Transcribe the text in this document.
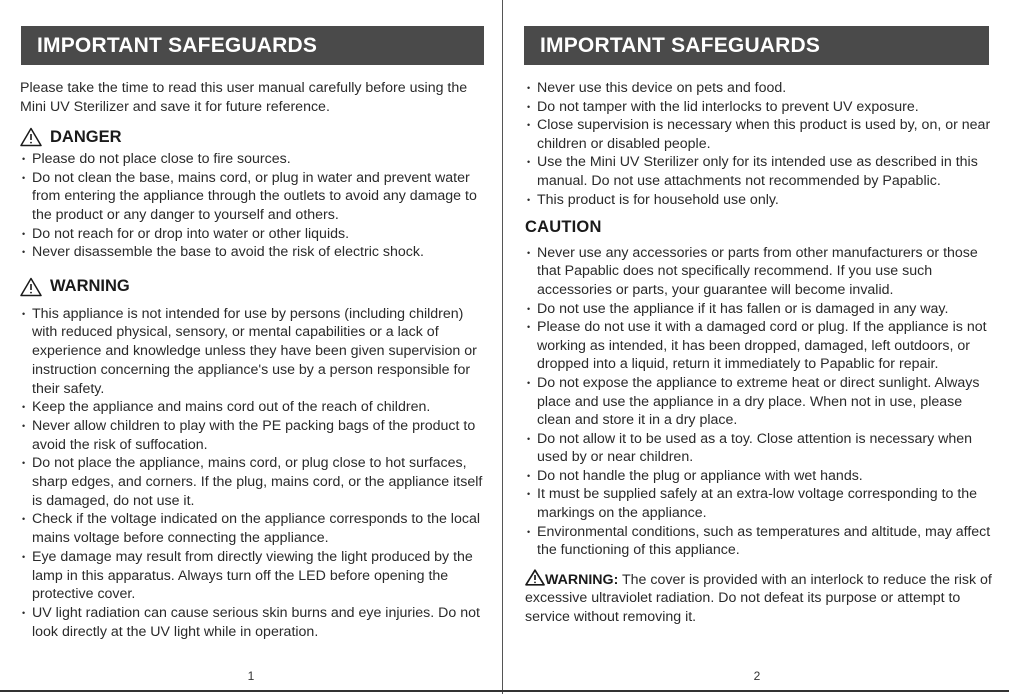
IMPORTANT SAFEGUARDS

Please take the time to read this user manual carefully before using the Mini UV Sterilizer and save it for future reference.

DANGER
• Please do not place close to fire sources.
• Do not clean the base, mains cord, or plug in water and prevent water from entering the appliance through the outlets to avoid any damage to the product or any danger to yourself and others.
• Do not reach for or drop into water or other liquids.
• Never disassemble the base to avoid the risk of electric shock.
WARNING
• This appliance is not intended for use by persons (including children) with reduced physical, sensory, or mental capabilities or a lack of experience and knowledge unless they have been given supervision or instruction concerning the appliance's use by a person responsible for their safety.
• Keep the appliance and mains cord out of the reach of children.
• Never allow children to play with the PE packing bags of the product to avoid the risk of suffocation.
• Do not place the appliance, mains cord, or plug close to hot surfaces, sharp edges, and corners. If the plug, mains cord, or the appliance itself is damaged, do not use it.
• Check if the voltage indicated on the appliance corresponds to the local mains voltage before connecting the appliance.
• Eye damage may result from directly viewing the light produced by the lamp in this apparatus. Always turn off the LED before opening the protective cover.
• UV light radiation can cause serious skin burns and eye injuries. Do not look directly at the UV light while in operation.
1
IMPORTANT SAFEGUARDS
• Never use this device on pets and food.
• Do not tamper with the lid interlocks to prevent UV exposure.
• Close supervision is necessary when this product is used by, on, or near children or disabled people.
• Use the Mini UV Sterilizer only for its intended use as described in this manual. Do not use attachments not recommended by Papablic.
• This product is for household use only.
CAUTION
• Never use any accessories or parts from other manufacturers or those that Papablic does not specifically recommend. If you use such accessories or parts, your guarantee will become invalid.
• Do not use the appliance if it has fallen or is damaged in any way.
• Please do not use it with a damaged cord or plug. If the appliance is not working as intended, it has been dropped, damaged, left outdoors, or dropped into a liquid, return it immediately to Papablic for repair.
• Do not expose the appliance to extreme heat or direct sunlight. Always place and use the appliance in a dry place. When not in use, please clean and store it in a dry place.
• Do not allow it to be used as a toy. Close attention is necessary when used by or near children.
• Do not handle the plug or appliance with wet hands.
• It must be supplied safely at an extra-low voltage corresponding to the markings on the appliance.
• Environmental conditions, such as temperatures and altitude, may affect the functioning of this appliance.

WARNING: The cover is provided with an interlock to reduce the risk of excessive ultraviolet radiation. Do not defeat its purpose or attempt to service without removing it.

2
